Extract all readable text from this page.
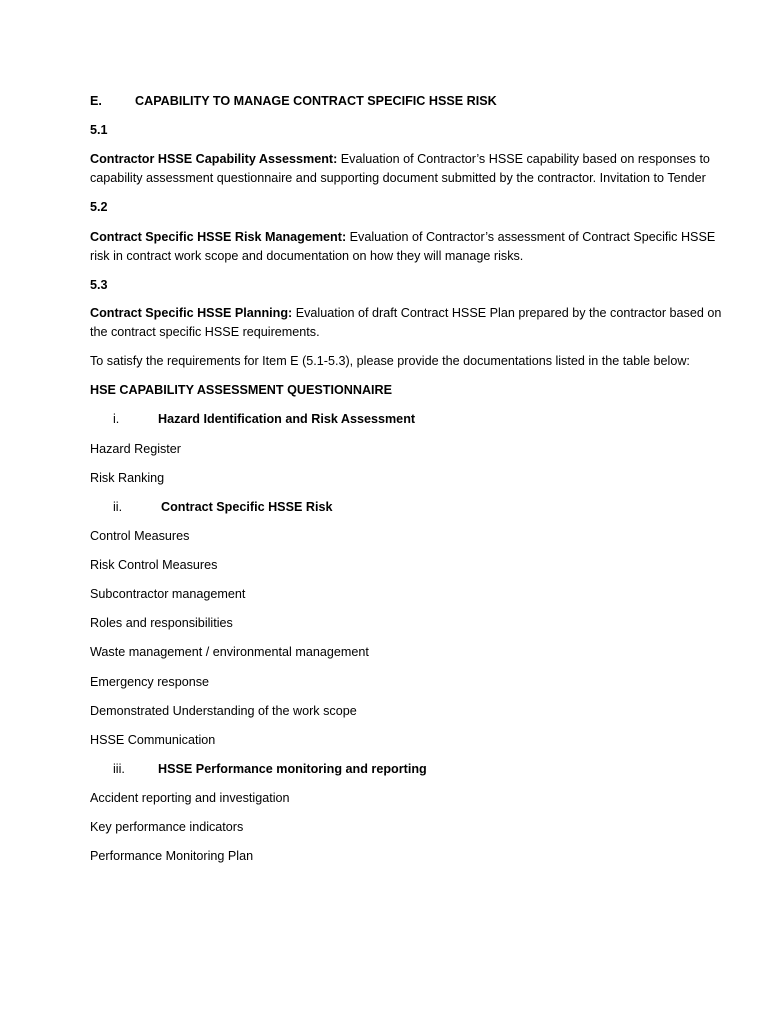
E.	CAPABILITY TO MANAGE CONTRACT SPECIFIC HSSE RISK
5.1
Contractor HSSE Capability Assessment: Evaluation of Contractor’s HSSE capability based on responses to capability assessment questionnaire and supporting document submitted by the contractor. Invitation to Tender
5.2
Contract Specific HSSE Risk Management: Evaluation of Contractor’s assessment of Contract Specific HSSE risk in contract work scope and documentation on how they will manage risks.
5.3
Contract Specific HSSE Planning: Evaluation of draft Contract HSSE Plan prepared by the contractor based on the contract specific HSSE requirements.
To satisfy the requirements for Item E (5.1-5.3), please provide the documentations listed in the table below:
HSE CAPABILITY ASSESSMENT QUESTIONNAIRE
i.	Hazard Identification and Risk Assessment
Hazard Register
Risk Ranking
ii.	Contract Specific HSSE Risk
Control Measures
Risk Control Measures
Subcontractor management
Roles and responsibilities
Waste management / environmental management
Emergency response
Demonstrated Understanding of the work scope
HSSE Communication
iii.	HSSE Performance monitoring and reporting
Accident reporting and investigation
Key performance indicators
Performance Monitoring Plan
